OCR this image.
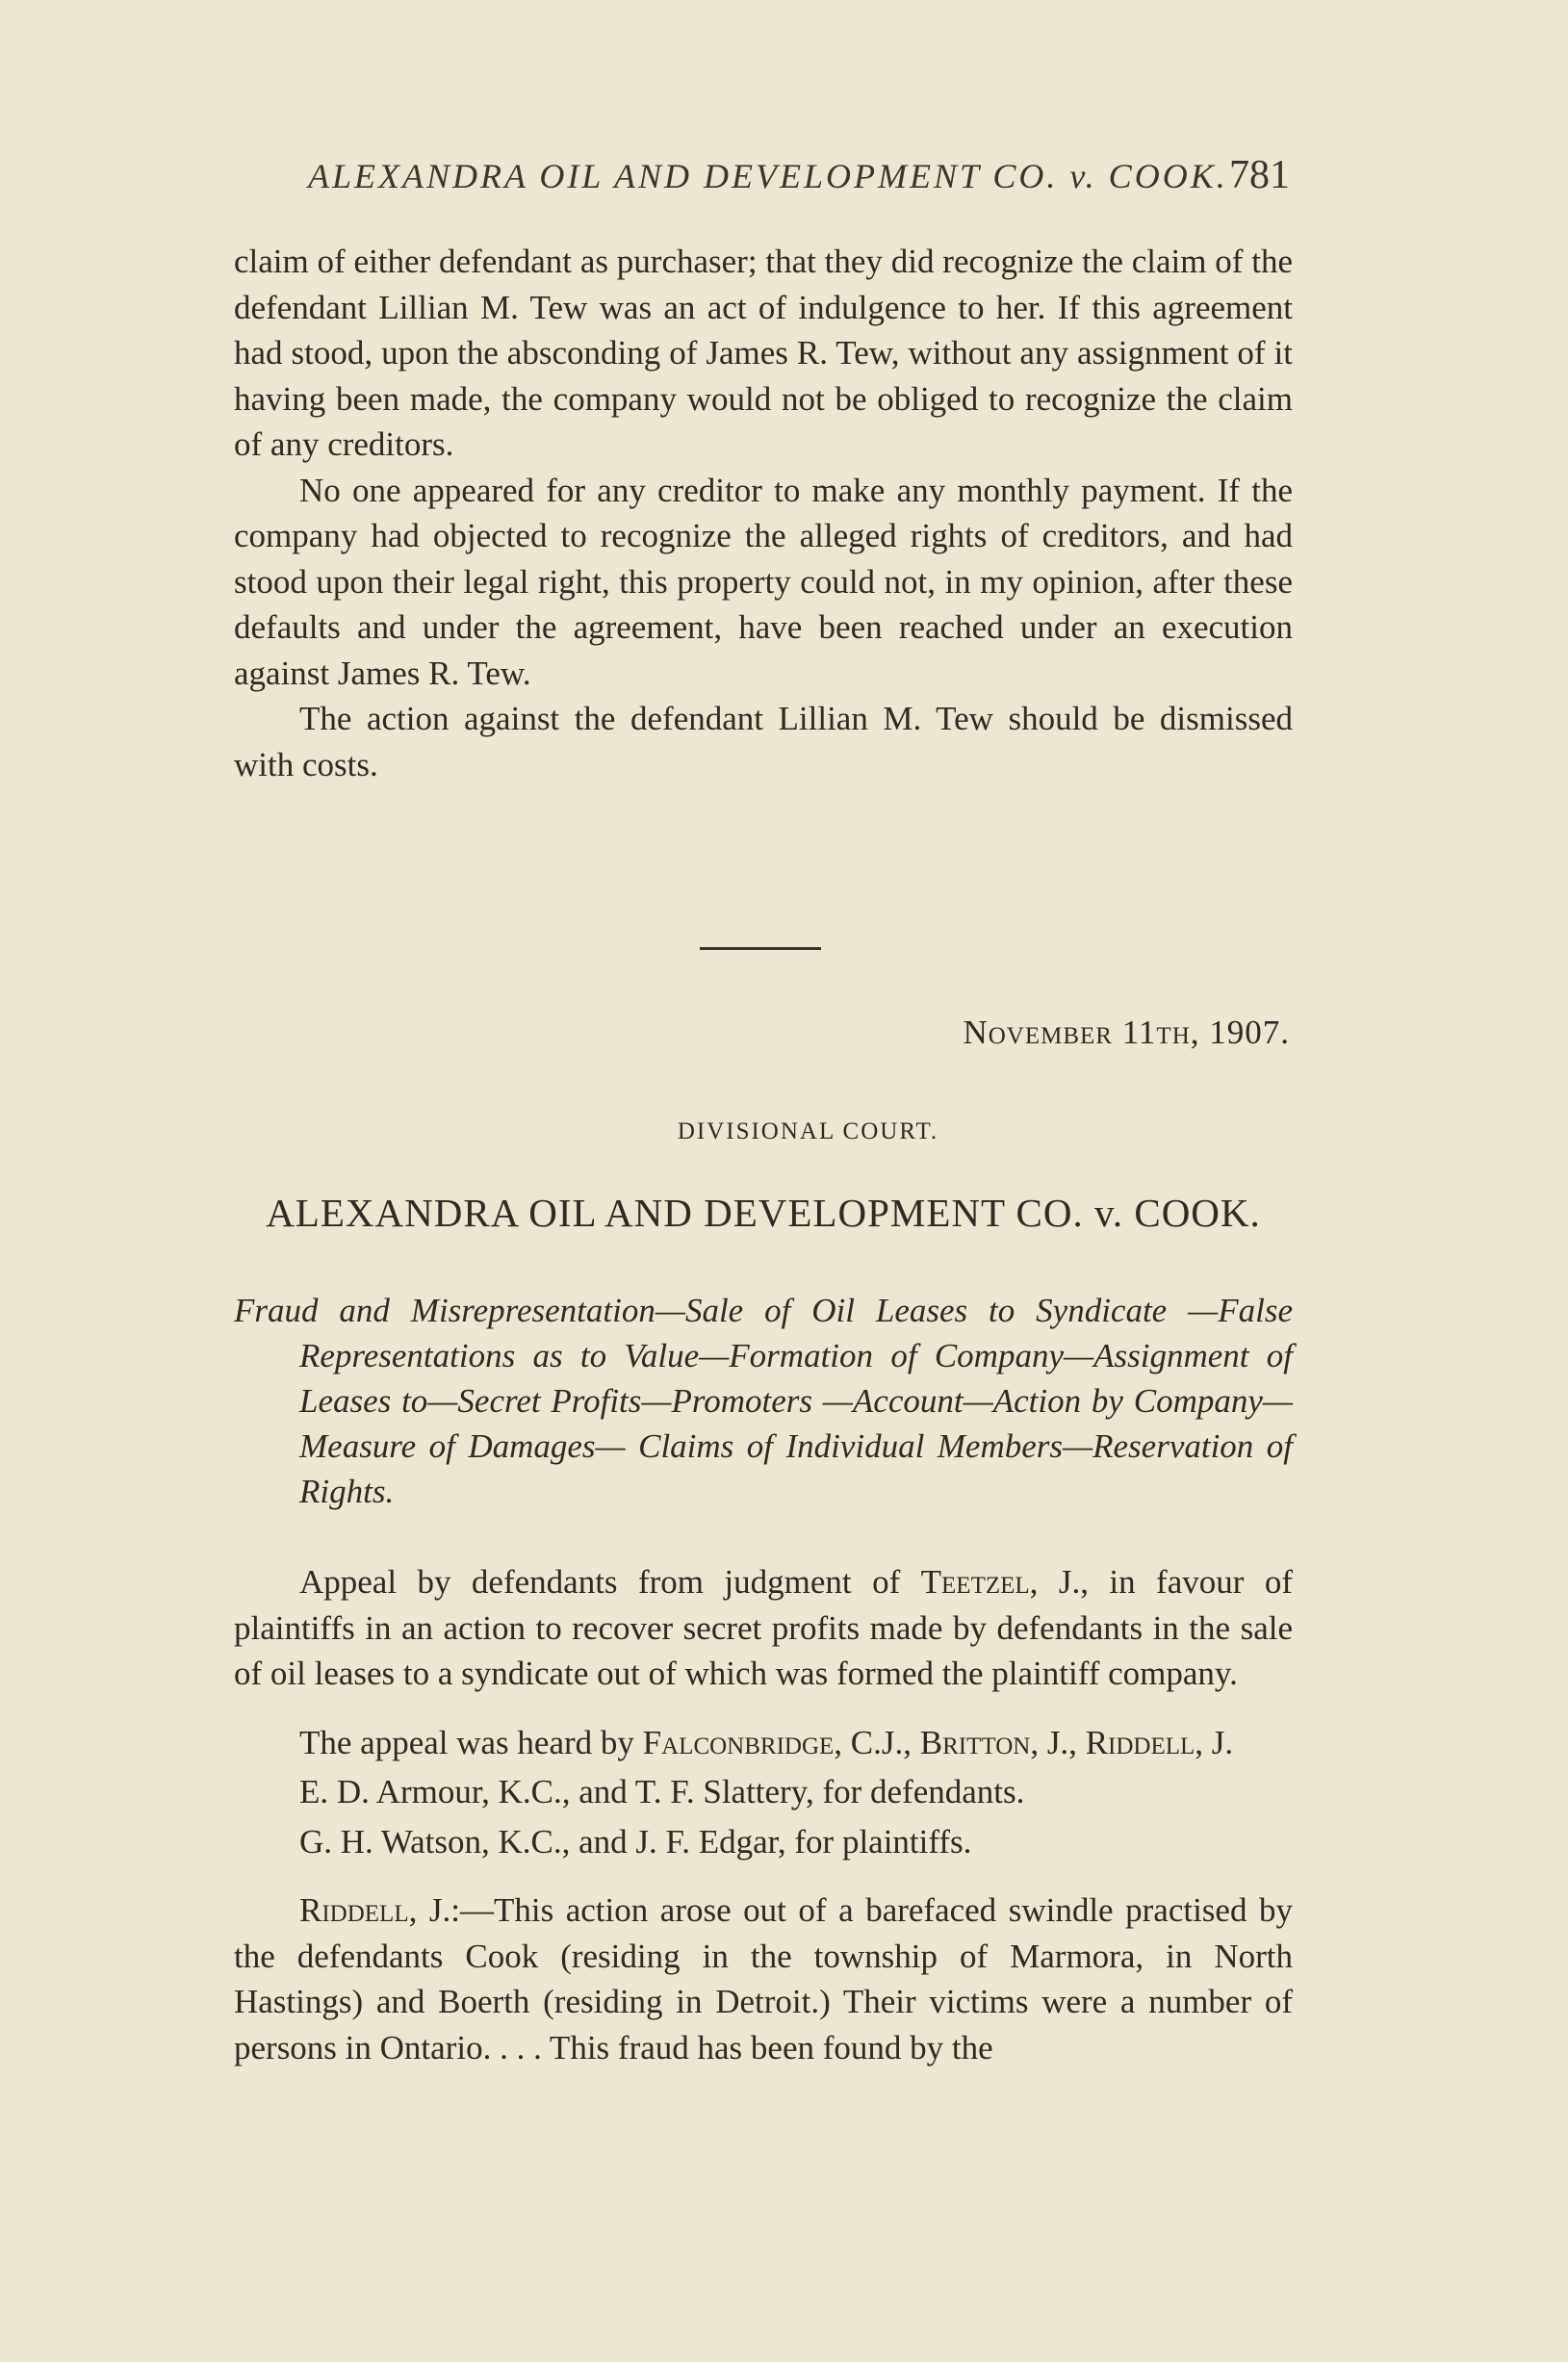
ALEXANDRA OIL AND DEVELOPMENT CO. v. COOK. 781

claim of either defendant as purchaser; that they did recognize the claim of the defendant Lillian M. Tew was an act of indulgence to her. If this agreement had stood, upon the absconding of James R. Tew, without any assignment of it having been made, the company would not be obliged to recognize the claim of any creditors.

No one appeared for any creditor to make any monthly payment. If the company had objected to recognize the alleged rights of creditors, and had stood upon their legal right, this property could not, in my opinion, after these defaults and under the agreement, have been reached under an execution against James R. Tew.

The action against the defendant Lillian M. Tew should be dismissed with costs.

November 11th, 1907.
DIVISIONAL COURT.
ALEXANDRA OIL AND DEVELOPMENT CO. v. COOK.
Fraud and Misrepresentation—Sale of Oil Leases to Syndicate —False Representations as to Value—Formation of Company—Assignment of Leases to—Secret Profits—Promoters —Account—Action by Company—Measure of Damages— Claims of Individual Members—Reservation of Rights.

Appeal by defendants from judgment of Teetzel, J., in favour of plaintiffs in an action to recover secret profits made by defendants in the sale of oil leases to a syndicate out of which was formed the plaintiff company.

The appeal was heard by Falconbridge, C.J., Britton, J., Riddell, J.

E. D. Armour, K.C., and T. F. Slattery, for defendants.

G. H. Watson, K.C., and J. F. Edgar, for plaintiffs.

Riddell, J.:—This action arose out of a barefaced swindle practised by the defendants Cook (residing in the township of Marmora, in North Hastings) and Boerth (residing in Detroit.) Their victims were a number of persons in Ontario. . . . This fraud has been found by the
